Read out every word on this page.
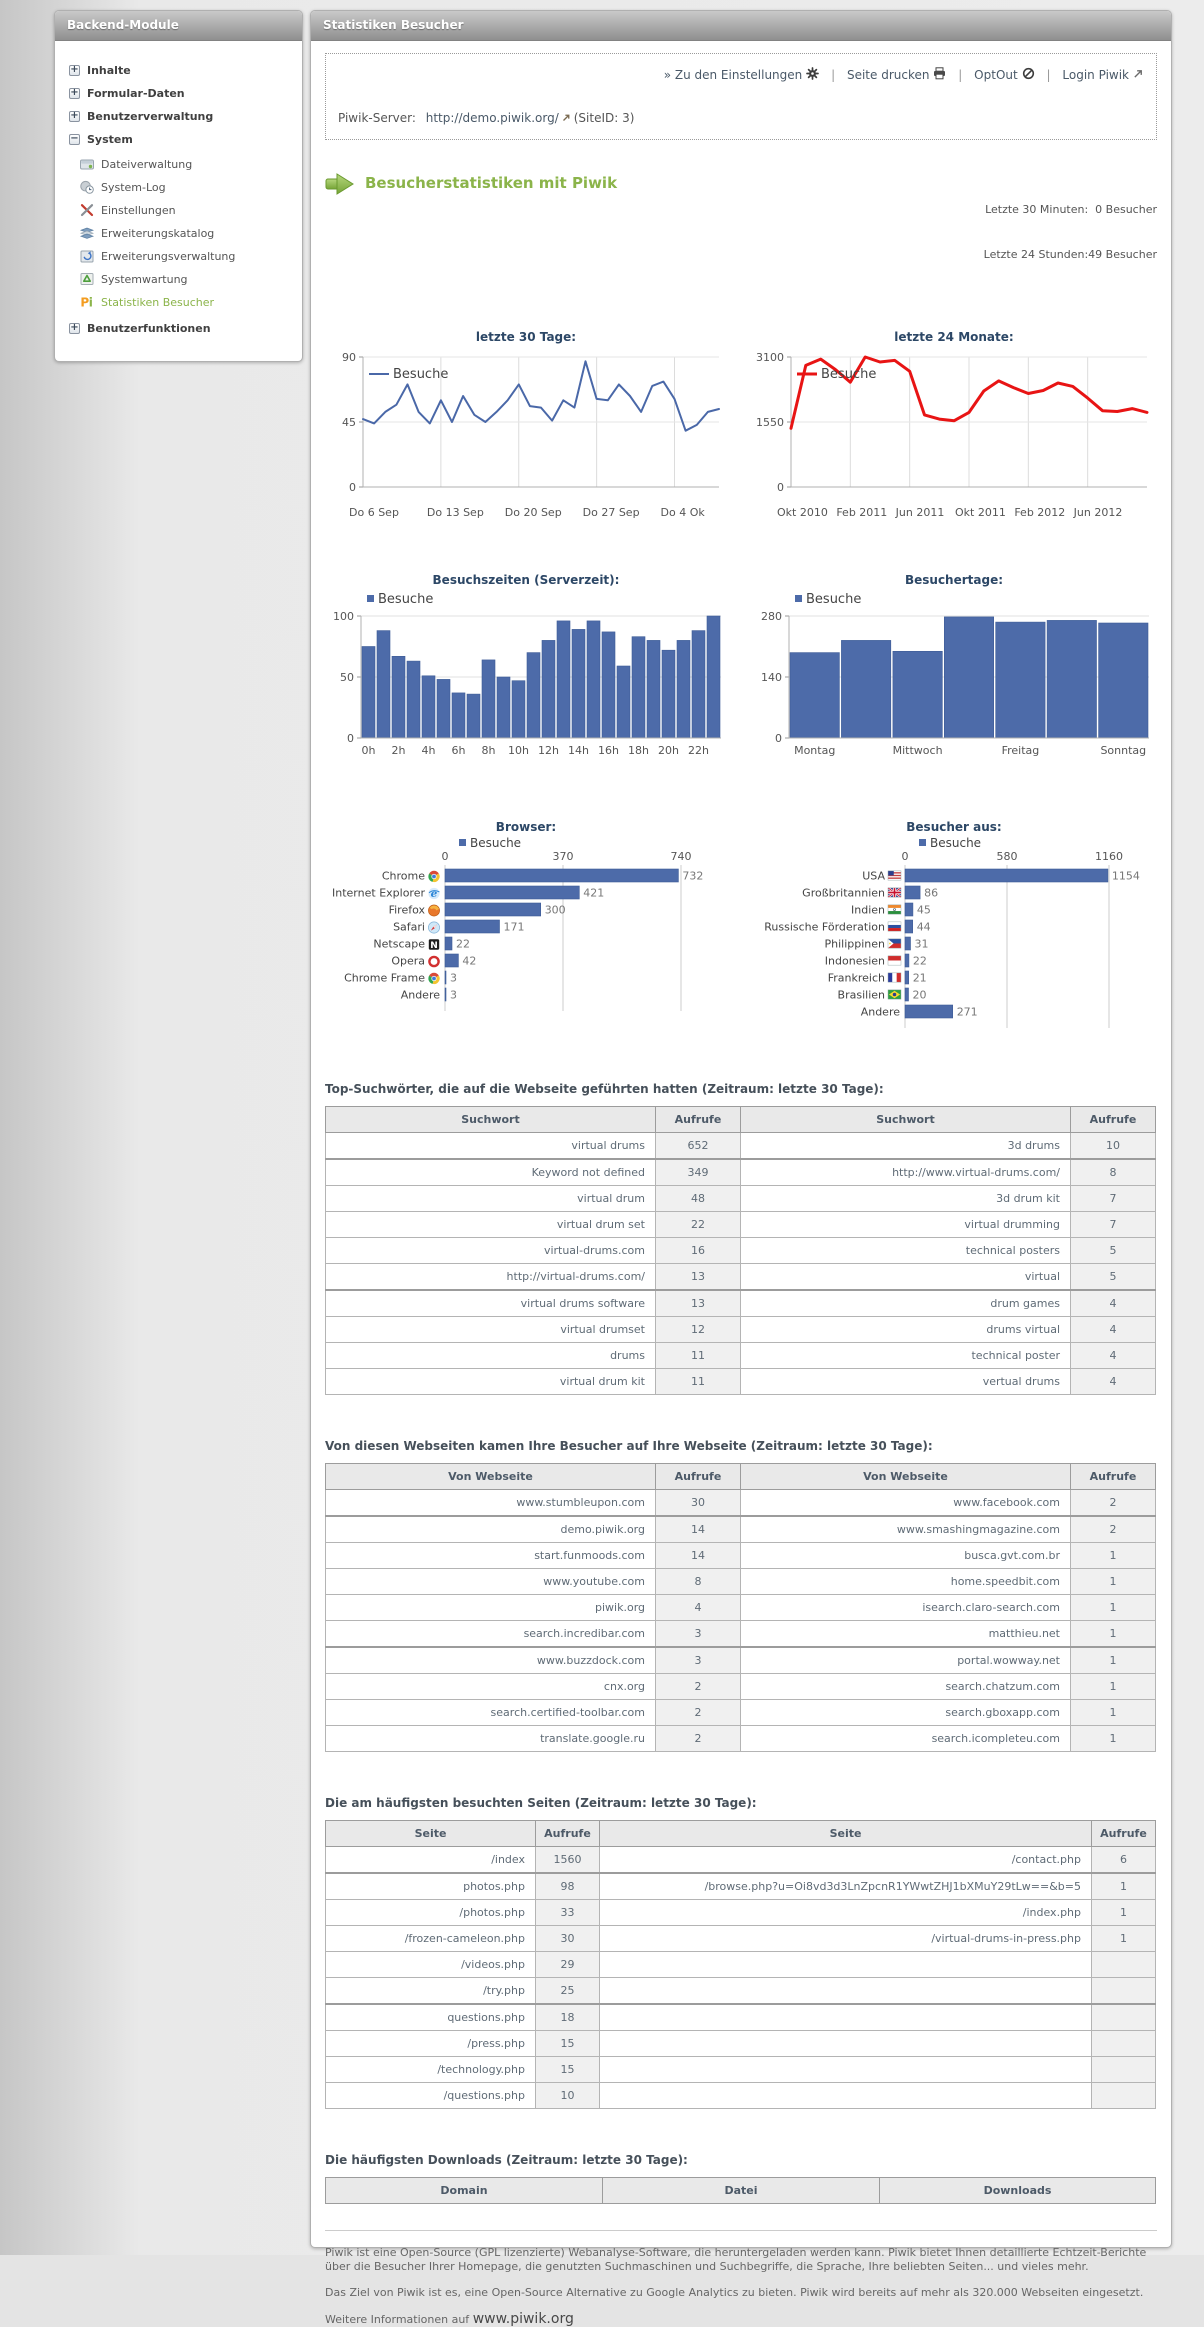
Backend-Module
+ Inhalte
+ Formular-Daten
+ Benutzerverwaltung
− System
Dateiverwaltung
System-Log
Einstellungen
Erweiterungskatalog
Erweiterungsverwaltung
Systemwartung
P i Statistiken Besucher
+ Benutzerfunktionen
Statistiken Besucher
» Zu den Einstellungen | Seite drucken | OptOut | Login Piwik
Piwik-Server:
http://demo.piwik.org/ (SiteID: 3)
Besucherstatistiken mit Piwik

Letzte 30 Minuten:  0 Besucher

Letzte 24 Stunden:49 Besucher

letzte 30 Tage:
Do 6 Sep	Do 13 Sep Do 20 Sep Do 27 Sep Do 4 Ok
0
45
90
Besuche
letzte 24 Monate:
Okt 2010 Feb 2011 Jun 2011 Okt 2011 Feb 2012 Jun 2012
0
1550
3100
Besuche
Besuchszeiten (Serverzeit):
0
50
100
0h 2h 4h 6h 8h 10h 12h 14h 16h 18h 20h 22h
Besuche
Besuchertage:
0
140
280
Montag	Mittwoch	Freitag	Sonntag
Besuche
Browser:
0	370	740
Besuche
Chrome	732
Internet Explorer e	421
Firefox	300
Safari	171
Netscape N 22
Opera	42
Chrome Frame 3
Andere 3
Besucher aus:
0	580	1160
Besuche
USA	1154
Großbritannien	86
Indien	45
Russische Förderation	44
Philippinen	31
Indonesien	22
Frankreich	21
Brasilien	20
Andere	271
Top-Suchwörter, die auf die Webseite geführten hatten (Zeitraum: letzte 30 Tage):
Suchwort	Aufrufe	Suchwort	Aufrufe
virtual drums	652	3d drums	10
Keyword not defined	349	http://www.virtual-drums.com/	8
virtual drum	48	3d drum kit	7
virtual drum set	22	virtual drumming	7
virtual-drums.com	16	technical posters	5
http://virtual-drums.com/	13	virtual	5
virtual drums software	13	drum games	4
virtual drumset	12	drums virtual	4
drums	11	technical poster	4
virtual drum kit	11	vertual drums	4
Von diesen Webseiten kamen Ihre Besucher auf Ihre Webseite (Zeitraum: letzte 30 Tage):
Von Webseite	Aufrufe	Von Webseite	Aufrufe
www.stumbleupon.com	30	www.facebook.com	2
demo.piwik.org	14	www.smashingmagazine.com	2
start.funmoods.com	14	busca.gvt.com.br	1
www.youtube.com	8	home.speedbit.com	1
piwik.org	4	isearch.claro-search.com	1
search.incredibar.com	3	matthieu.net	1
www.buzzdock.com	3	portal.wowway.net	1
cnx.org	2	search.chatzum.com	1
search.certified-toolbar.com	2	search.gboxapp.com	1
translate.google.ru	2	search.icompleteu.com	1
Die am häufigsten besuchten Seiten (Zeitraum: letzte 30 Tage):
Seite	Aufrufe	Seite	Aufrufe
/index	1560	/contact.php	6
photos.php	98	/browse.php?u=Oi8vd3d3LnZpcnR1YWwtZHJ1bXMuY29tLw==&b=5	1
/photos.php	33	/index.php	1
/frozen-cameleon.php	30	/virtual-drums-in-press.php	1
/videos.php	29		
/try.php	25		
questions.php	18		
/press.php	15		
/technology.php	15		
/questions.php	10		
Die häufigsten Downloads (Zeitraum: letzte 30 Tage):
Domain	Datei	Downloads

Piwik ist eine Open-Source (GPL lizenzierte) Webanalyse-Software, die heruntergeladen werden kann. Piwik bietet Ihnen detaillierte Echtzeit-Berichte über die Besucher Ihrer Homepage, die genutzten Suchmaschinen und Suchbegriffe, die Sprache, Ihre beliebten Seiten... und vieles mehr.

Das Ziel von Piwik ist es, eine Open-Source Alternative zu Google Analytics zu bieten. Piwik wird bereits auf mehr als 320.000 Webseiten eingesetzt.

Weitere Informationen auf www.piwik.org
